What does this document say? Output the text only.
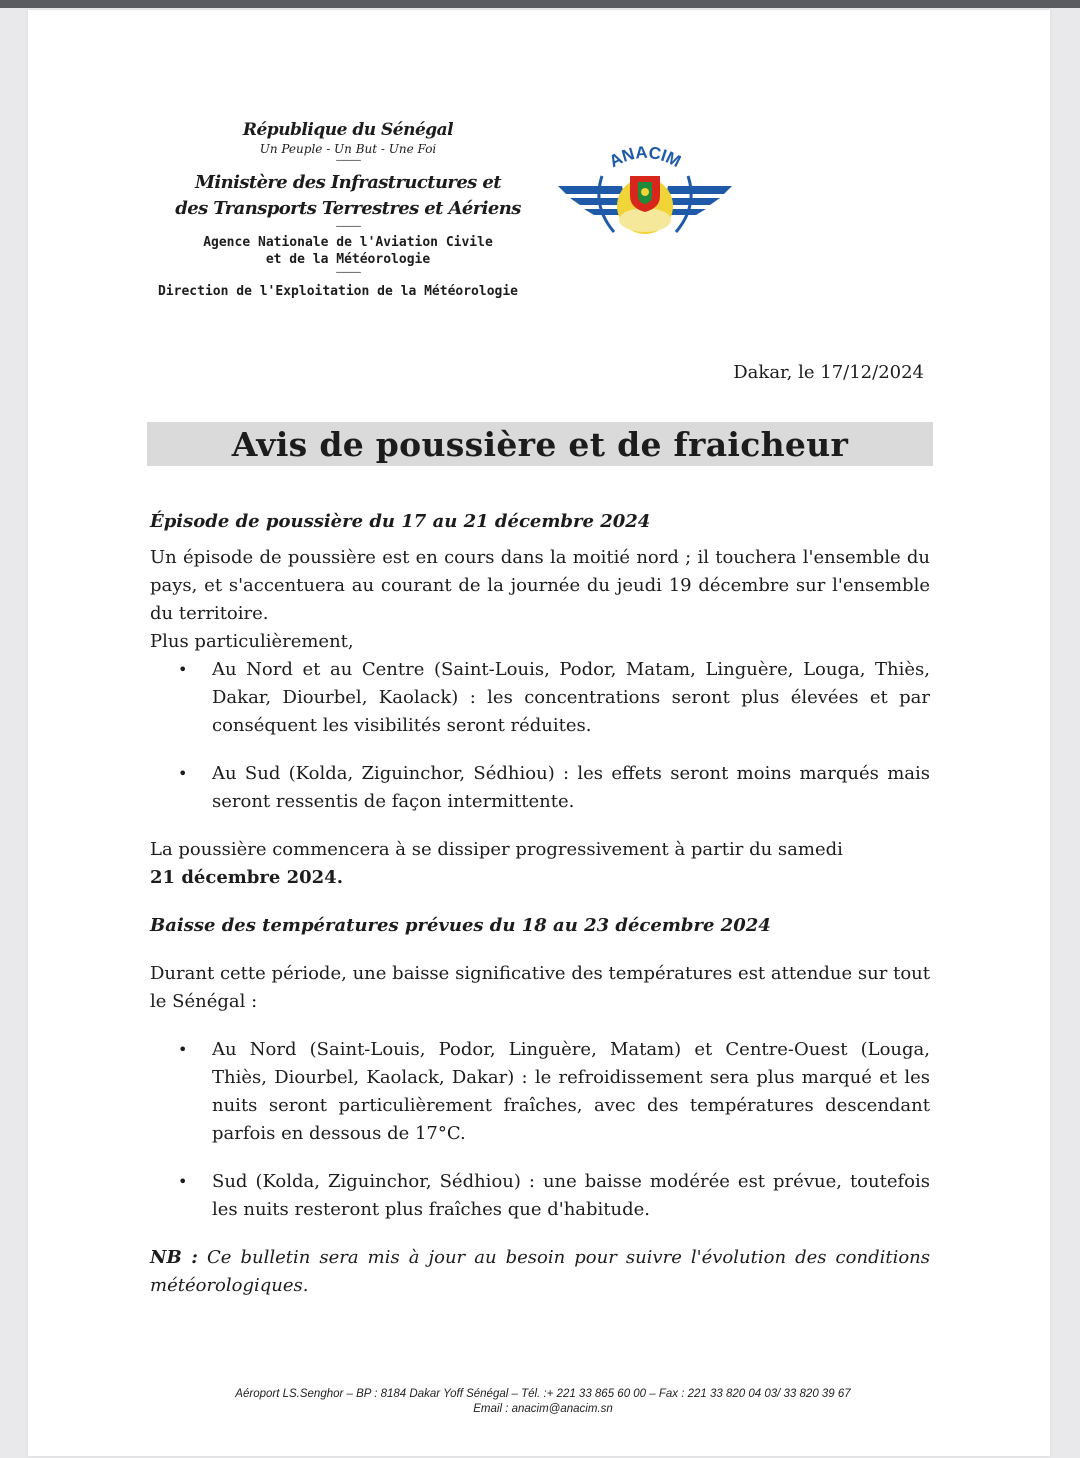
République du Sénégal
Un Peuple - Un But - Une Foi
------------
Ministère des Infrastructures et
des Transports Terrestres et Aériens
------------
Agence Nationale de l'Aviation Civile
et de la Météorologie
------------
Direction de l'Exploitation de la Météorologie
ANACIM
Dakar, le 17/12/2024
Avis de poussière et de fraicheur

Épisode de poussière du 17 au 21 décembre 2024

Un épisode de poussière est en cours dans la moitié nord ; il touchera l'ensemble du pays, et s'accentuera au courant de la journée du jeudi 19 décembre sur l'ensemble du territoire.

Plus particulièrement,

• Au Nord et au Centre (Saint-Louis, Podor, Matam, Linguère, Louga, Thiès, Dakar, Diourbel, Kaolack) : les concentrations seront plus élevées et par conséquent les visibilités seront réduites.
• Au Sud (Kolda, Ziguinchor, Sédhiou) : les effets seront moins marqués mais seront ressentis de façon intermittente.

La poussière commencera à se dissiper progressivement à partir du samedi
21 décembre 2024.

Baisse des températures prévues du 18 au 23 décembre 2024

Durant cette période, une baisse significative des températures est attendue sur tout le Sénégal :

• Au Nord (Saint-Louis, Podor, Linguère, Matam) et Centre-Ouest (Louga, Thiès, Diourbel, Kaolack, Dakar) : le refroidissement sera plus marqué et les nuits seront particulièrement fraîches, avec des températures descendant parfois en dessous de 17°C.
• Sud (Kolda, Ziguinchor, Sédhiou) : une baisse modérée est prévue, toutefois les nuits resteront plus fraîches que d'habitude.

NB : Ce bulletin sera mis à jour au besoin pour suivre l'évolution des conditions météorologiques.

Aéroport LS.Senghor – BP : 8184 Dakar Yoff Sénégal – Tél. :+ 221 33 865 60 00 – Fax : 221 33 820 04 03/ 33 820 39 67
Email : anacim@anacim.sn
